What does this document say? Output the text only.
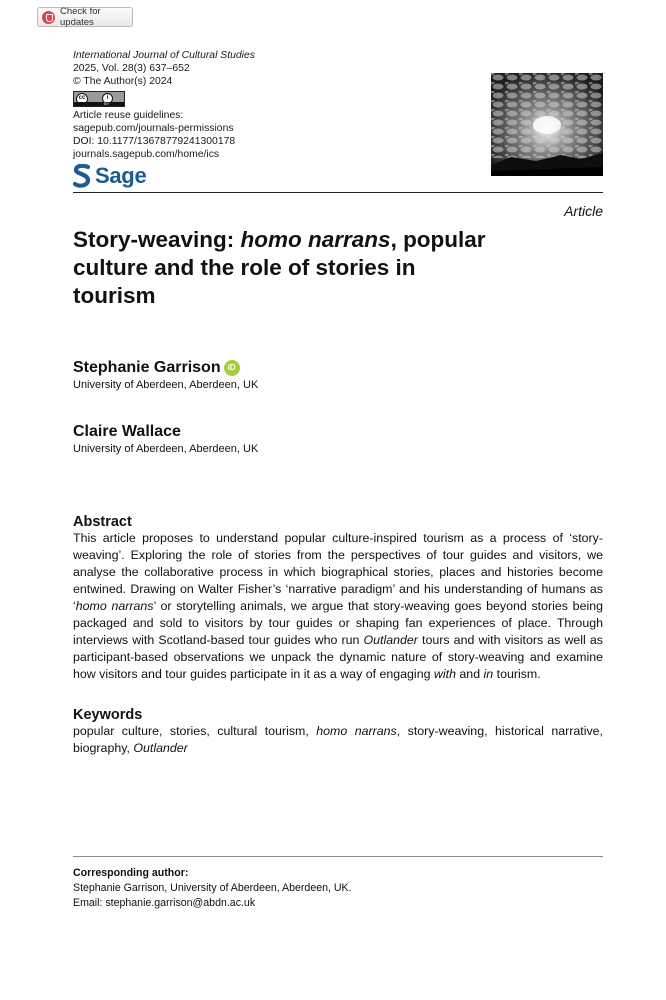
Check for updates
International Journal of Cultural Studies
2025, Vol. 28(3) 637–652
© The Author(s) 2024
cc	i
BY
Article reuse guidelines:
sagepub.com/journals-permissions
DOI: 10.1177/13678779241300178
journals.sagepub.com/home/ics
Sage
Article
Story-weaving: homo narrans, popular culture and the role of stories in tourism
Stephanie Garrison iD
University of Aberdeen, Aberdeen, UK
Claire Wallace
University of Aberdeen, Aberdeen, UK
Abstract
This article proposes to understand popular culture-inspired tourism as a process of ‘story-weaving’. Exploring the role of stories from the perspectives of tour guides and visitors, we analyse the collaborative process in which biographical stories, places and histories become entwined. Drawing on Walter Fisher’s ‘narrative paradigm’ and his understanding of humans as ‘homo narrans’ or storytelling animals, we argue that story-weaving goes beyond stories being packaged and sold to visitors by tour guides or shaping fan experiences of place. Through interviews with Scotland-based tour guides who run Outlander tours and with visitors as well as participant-based observations we unpack the dynamic nature of story-weaving and examine how visitors and tour guides participate in it as a way of engaging with and in tourism.
Keywords
popular culture, stories, cultural tourism, homo narrans, story-weaving, historical narrative, biography, Outlander
Corresponding author:
Stephanie Garrison, University of Aberdeen, Aberdeen, UK.
Email: stephanie.garrison@abdn.ac.uk
